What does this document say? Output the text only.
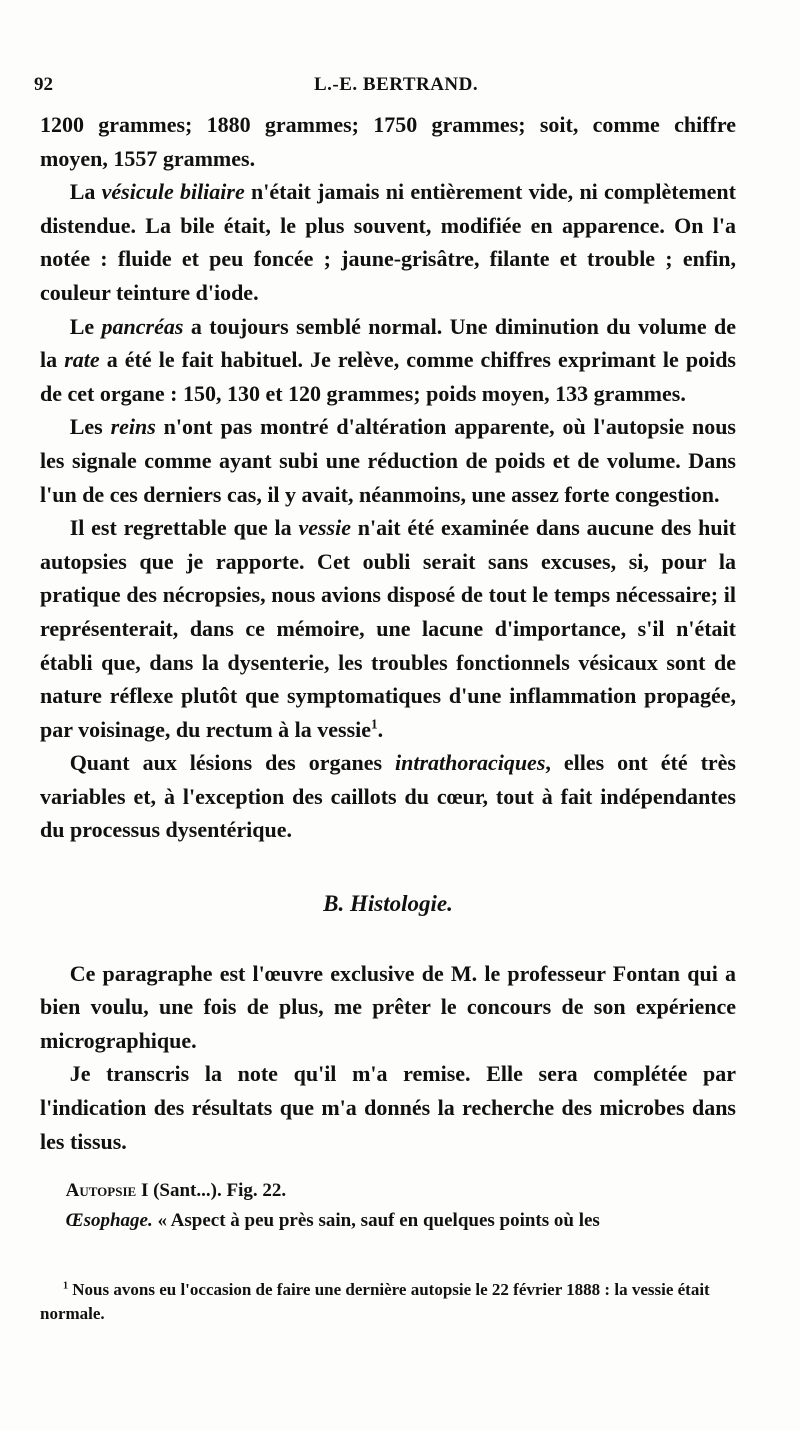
92	L.-E. BERTRAND.

1200 grammes; 1880 grammes; 1750 grammes; soit, comme chiffre moyen, 1557 grammes.

La vésicule biliaire n'était jamais ni entièrement vide, ni complètement distendue. La bile était, le plus souvent, modifiée en apparence. On l'a notée : fluide et peu foncée ; jaune-grisâtre, filante et trouble ; enfin, couleur teinture d'iode.

Le pancréas a toujours semblé normal. Une diminution du volume de la rate a été le fait habituel. Je relève, comme chiffres exprimant le poids de cet organe : 150, 130 et 120 grammes; poids moyen, 133 grammes.

Les reins n'ont pas montré d'altération apparente, où l'autopsie nous les signale comme ayant subi une réduction de poids et de volume. Dans l'un de ces derniers cas, il y avait, néanmoins, une assez forte congestion.

Il est regrettable que la vessie n'ait été examinée dans aucune des huit autopsies que je rapporte. Cet oubli serait sans excuses, si, pour la pratique des nécropsies, nous avions disposé de tout le temps nécessaire; il représenterait, dans ce mémoire, une lacune d'importance, s'il n'était établi que, dans la dysenterie, les troubles fonctionnels vésicaux sont de nature réflexe plutôt que symptomatiques d'une inflammation propagée, par voisinage, du rectum à la vessie$^1$.

Quant aux lésions des organes intrathoraciques, elles ont été très variables et, à l'exception des caillots du cœur, tout à fait indépendantes du processus dysentérique.

B. Histologie.

Ce paragraphe est l'œuvre exclusive de M. le professeur Fontan qui a bien voulu, une fois de plus, me prêter le concours de son expérience micrographique.

Je transcris la note qu'il m'a remise. Elle sera complétée par l'indication des résultats que m'a donnés la recherche des microbes dans les tissus.

Autopsie I (Sant...). Fig. 22.

Œsophage. « Aspect à peu près sain, sauf en quelques points où les

$^1$ Nous avons eu l'occasion de faire une dernière autopsie le 22 février 1888 : la vessie était normale.
